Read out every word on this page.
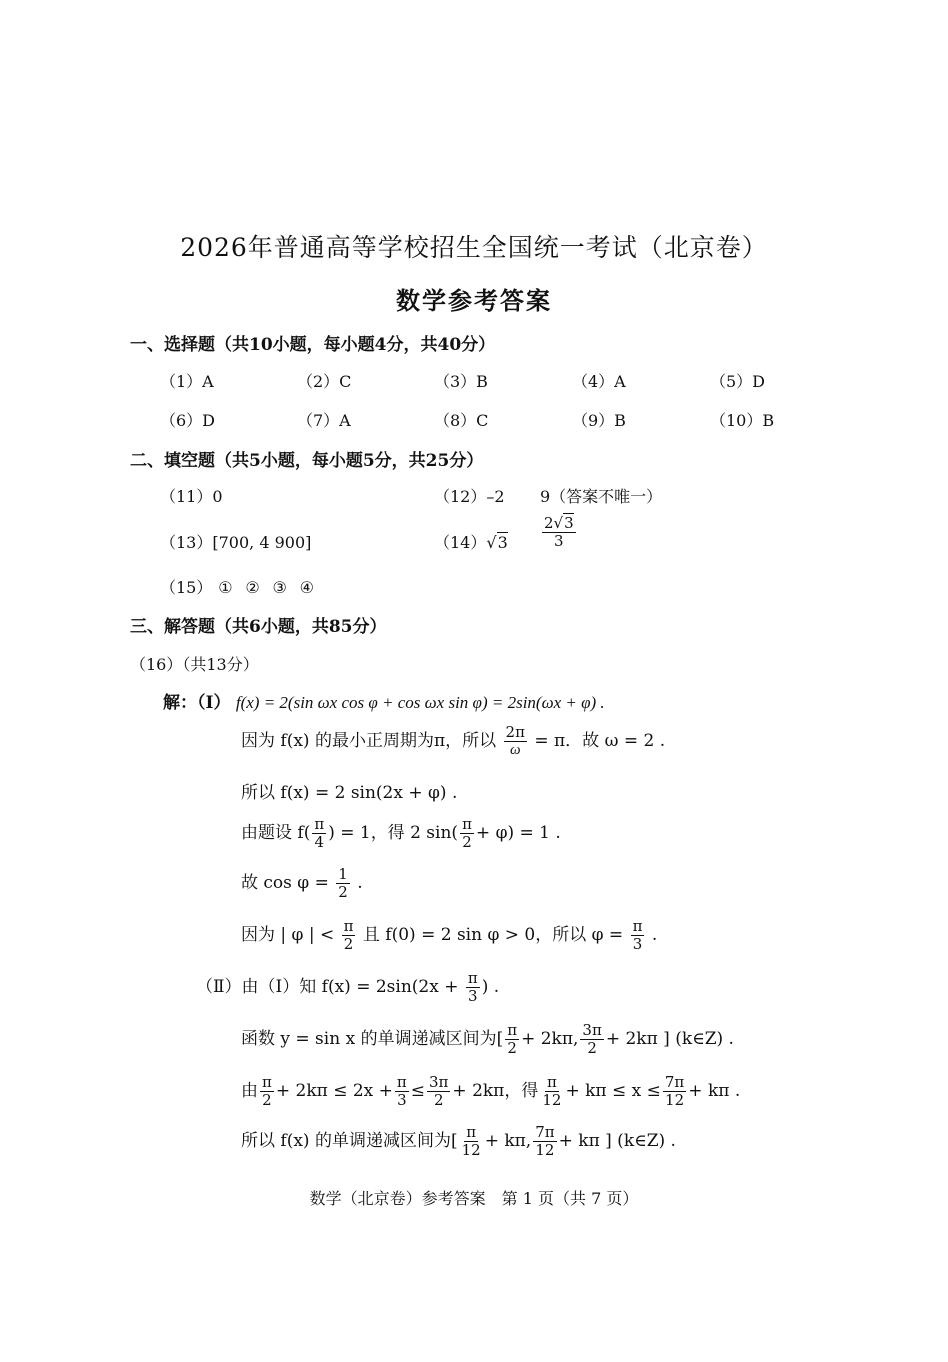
2026年普通高等学校招生全国统一考试（北京卷）
数学参考答案
一、选择题（共10小题，每小题4分，共40分）
（1）A	（2）C	（3）B	（4）A	（5）D
（6）D	（7）A	（8）C	（9）B	（10）B
二、填空题（共5小题，每小题5分，共25分）
（11）0	（12）–2 9（答案不唯一）
（13）[700, 4 900]	$(14)√3 \frac{2√3}{3}$
（15） ① ② ③ ④
三、解答题（共6小题，共85分）
（16）（共13分）
解：（Ⅰ） f(x) = 2(sin ωx cos φ + cos ωx sin φ) = 2sin(ωx + φ) .
因为 f(x) 的最小正周期为π，所以 $\frac{2\pi}{\omega} = \pi$．故 ω = 2 .
所以 f(x) = 2 sin(2x + φ) .
由题设 $f( \frac{\pi}{4}$ ) = 1，得 2 $\sin( \frac{\pi}{2} + \varphi) = 1$ .
故 $\cos \varphi = \frac{1}{2}$ .
因为 | φ | < $\frac{\pi}{2}$ 且 f(0) = 2 sin φ > 0，所以 $\varphi = \frac{\pi}{3}$ .
（Ⅱ）由（Ⅰ）知 $f(x) = 2\sin(2x + \frac{\pi}{3}$ ) .
函数 y = sin x 的单调递减区间为[ $\frac{\pi}{2} + 2k\pi$, $\frac{3\pi}{2} + 2k\pi$ ] (k∈Z) .
由 $\frac{\pi}{2} + 2k\pi \le 2x + \frac{\pi}{3} \le \frac{3\pi}{2} + 2k\pi$，得 $\frac{\pi}{12} + k\pi \le x \le \frac{7\pi}{12} + k\pi$ .
所以 f(x) 的单调递减区间为[ $\frac{\pi}{12} + k\pi$, $\frac{7\pi}{12} + k\pi$ ] (k∈Z) .
数学（北京卷）参考答案　第 1 页（共 7 页）
